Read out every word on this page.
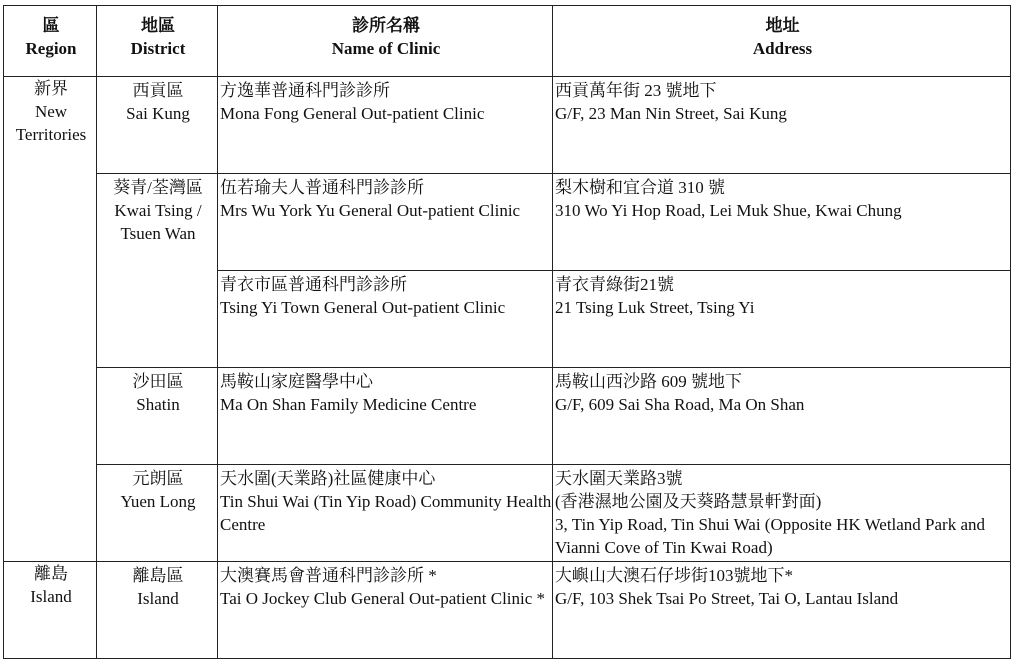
區
Region	地區
District	診所名稱
Name of Clinic	地址
Address

新界
New Territories	西貢區
Sai Kung	方逸華普通科門診診所
Mona Fong General Out-patient Clinic	西貢萬年街 23 號地下
G/F, 23 Man Nin Street, Sai Kung

	葵青/荃灣區
Kwai Tsing / Tsuen Wan	伍若瑜夫人普通科門診診所
Mrs Wu York Yu General Out-patient Clinic	梨木樹和宜合道 310 號
310 Wo Yi Hop Road, Lei Muk Shue, Kwai Chung

		青衣市區普通科門診診所
Tsing Yi Town General Out-patient Clinic	青衣青綠街21號
21 Tsing Luk Street, Tsing Yi

	沙田區
Shatin	馬鞍山家庭醫學中心
Ma On Shan Family Medicine Centre	馬鞍山西沙路 609 號地下
G/F, 609 Sai Sha Road, Ma On Shan

	元朗區
Yuen Long	天水圍(天業路)社區健康中心
Tin Shui Wai (Tin Yip Road) Community Health Centre	天水圍天業路3號
(香港濕地公園及天葵路慧景軒對面)
3, Tin Yip Road, Tin Shui Wai (Opposite HK Wetland Park and Vianni Cove of Tin Kwai Road)

離島
Island	離島區
Island	大澳賽馬會普通科門診診所 *
Tai O Jockey Club General Out-patient Clinic *	大嶼山大澳石仔埗街103號地下*
G/F, 103 Shek Tsai Po Street, Tai O, Lantau Island
